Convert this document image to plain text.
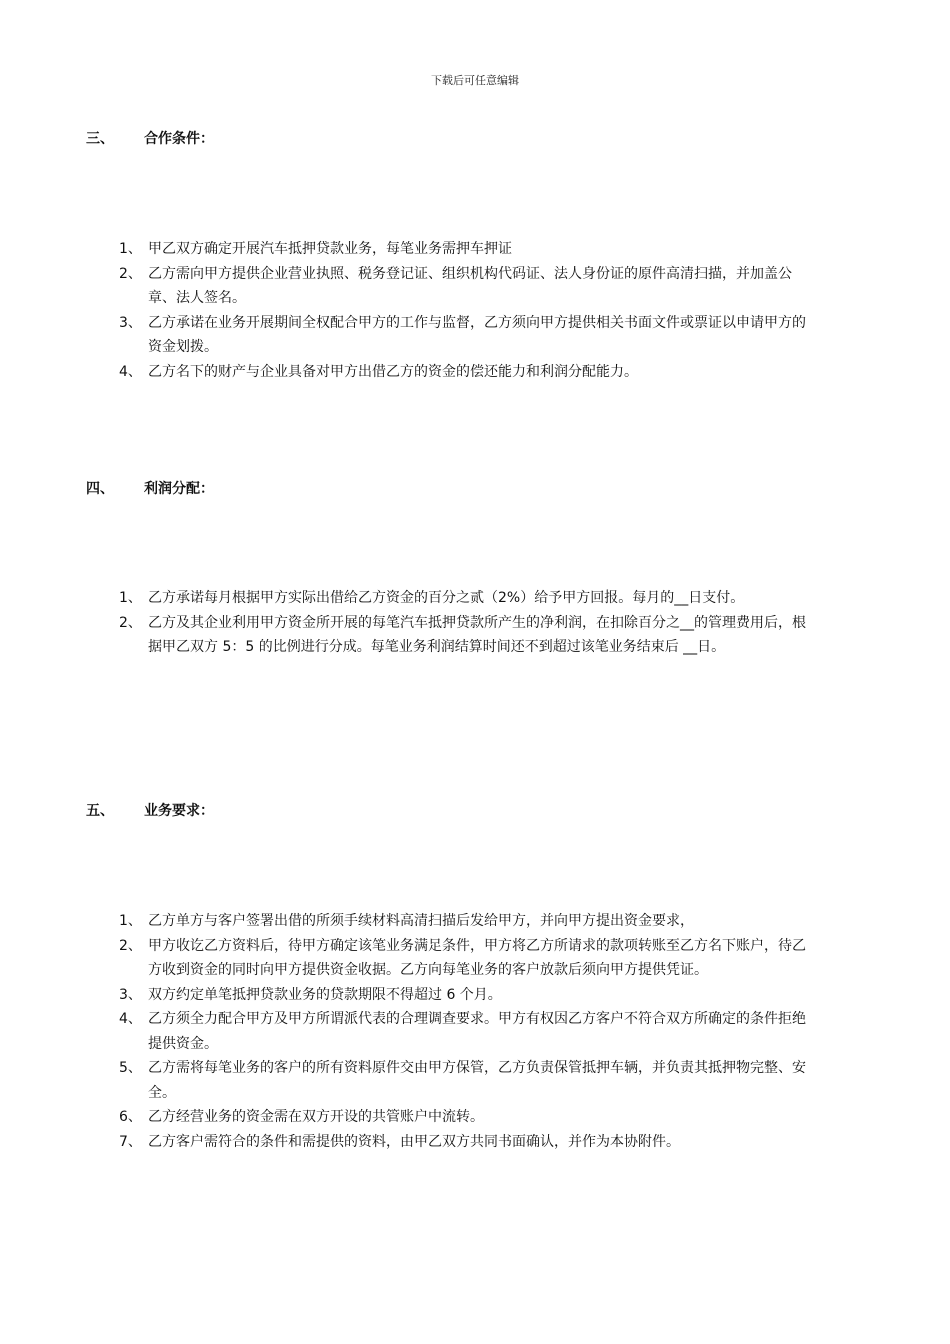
下载后可任意编辑
三、	合作条件：
1、 甲乙双方确定开展汽车抵押贷款业务，每笔业务需押车押证
2、 乙方需向甲方提供企业营业执照、税务登记证、组织机构代码证、法人身份证的原件高清扫描，并加盖公章、法人签名。
3、 乙方承诺在业务开展期间全权配合甲方的工作与监督，乙方须向甲方提供相关书面文件或票证以申请甲方的资金划拨。
4、 乙方名下的财产与企业具备对甲方出借乙方的资金的偿还能力和利润分配能力。
四、	利润分配：
1、 乙方承诺每月根据甲方实际出借给乙方资金的百分之贰（2%）给予甲方回报。每月的__日支付。
2、 乙方及其企业利用甲方资金所开展的每笔汽车抵押贷款所产生的净利润，在扣除百分之__的管理费用后，根据甲乙双方 5：5 的比例进行分成。每笔业务利润结算时间还不到超过该笔业务结束后 __日。
五、	业务要求：
1、 乙方单方与客户签署出借的所须手续材料高清扫描后发给甲方，并向甲方提出资金要求，
2、 甲方收讫乙方资料后，待甲方确定该笔业务满足条件，甲方将乙方所请求的款项转账至乙方名下账户，待乙方收到资金的同时向甲方提供资金收据。乙方向每笔业务的客户放款后须向甲方提供凭证。
3、 双方约定单笔抵押贷款业务的贷款期限不得超过 6 个月。
4、 乙方须全力配合甲方及甲方所谓派代表的合理调查要求。甲方有权因乙方客户不符合双方所确定的条件拒绝提供资金。
5、 乙方需将每笔业务的客户的所有资料原件交由甲方保管，乙方负责保管抵押车辆，并负责其抵押物完整、安全。
6、 乙方经营业务的资金需在双方开设的共管账户中流转。
7、 乙方客户需符合的条件和需提供的资料，由甲乙双方共同书面确认，并作为本协附件。
